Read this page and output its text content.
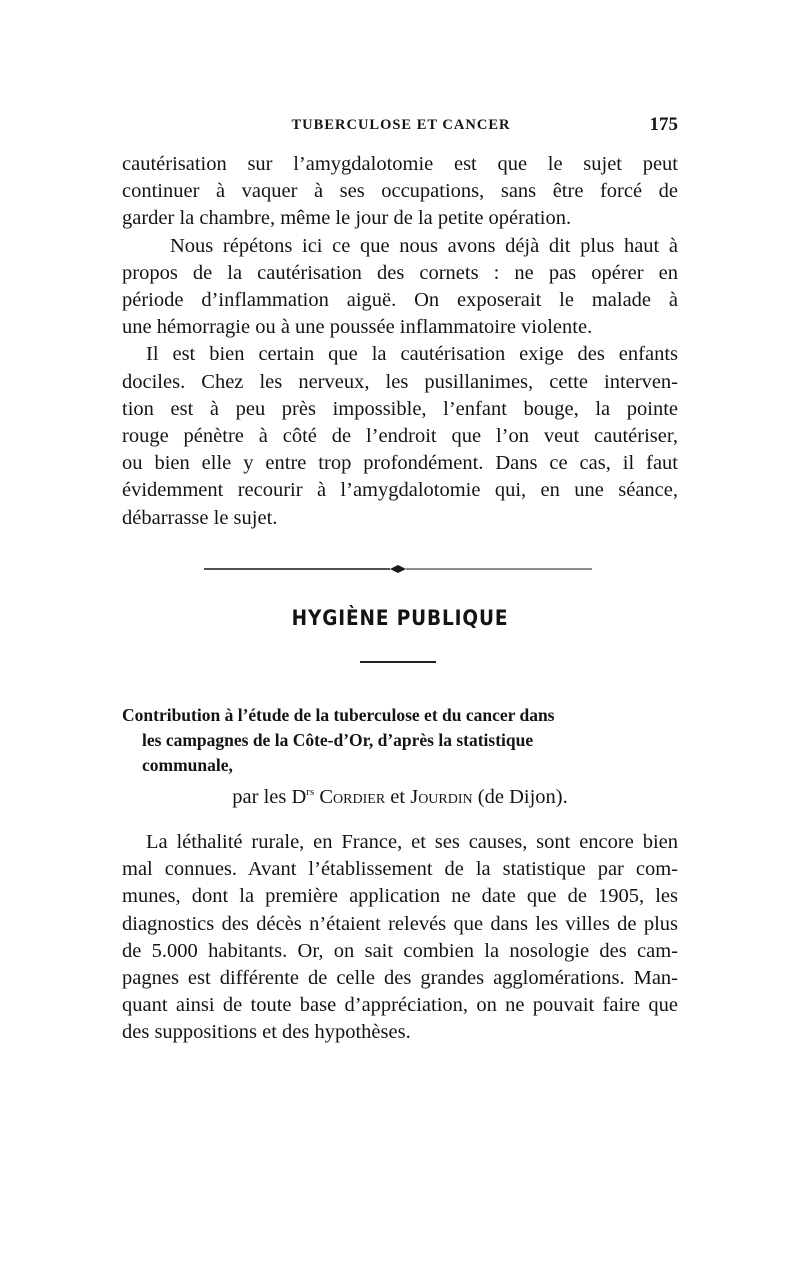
TUBERCULOSE ET CANCER	175

cautérisation sur l’amygdalotomie est que le sujet peut
continuer à vaquer à ses occupations, sans être forcé de
garder la chambre, même le jour de la petite opération.

Nous répétons ici ce que nous avons déjà dit plus haut à
propos de la cautérisation des cornets : ne pas opérer en
période d’inflammation aiguë. On exposerait le malade à
une hémorragie ou à une poussée inflammatoire violente.

Il est bien certain que la cautérisation exige des enfants
dociles. Chez les nerveux, les pusillanimes, cette interven-
tion est à peu près impossible, l’enfant bouge, la pointe
rouge pénètre à côté de l’endroit que l’on veut cautériser,
ou bien elle y entre trop profondément. Dans ce cas, il faut
évidemment recourir à l’amygdalotomie qui, en une séance,
débarrasse le sujet.

HYGIÈNE PUBLIQUE
Contribution à l’étude de la tuberculose et du cancer dans
les campagnes de la Côte-d’Or, d’après la statistique
communale,
par les $D^{rs}$ Cordier et Jourdin (de Dijon).

La léthalité rurale, en France, et ses causes, sont encore bien
mal connues. Avant l’établissement de la statistique par com-
munes, dont la première application ne date que de 1905, les
diagnostics des décès n’étaient relevés que dans les villes de plus
de 5.000 habitants. Or, on sait combien la nosologie des cam-
pagnes est différente de celle des grandes agglomérations. Man-
quant ainsi de toute base d’appréciation, on ne pouvait faire que
des suppositions et des hypothèses.
